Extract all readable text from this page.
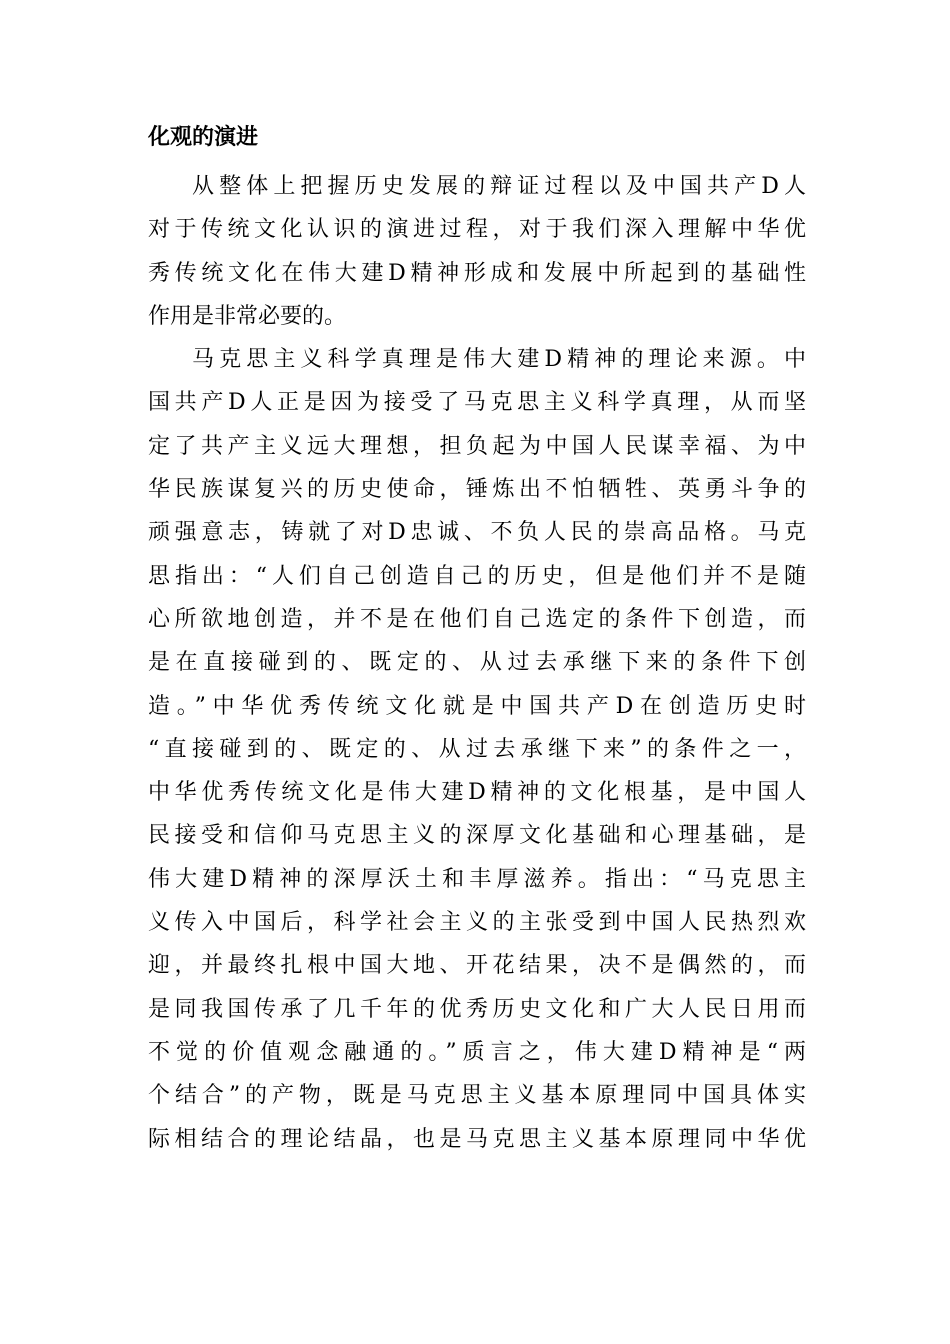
化观的演进

从整体上把握历史发展的辩证过程以及中国共产D人
对于传统文化认识的演进过程，对于我们深入理解中华优
秀传统文化在伟大建D精神形成和发展中所起到的基础性
作用是非常必要的。

马克思主义科学真理是伟大建D精神的理论来源。中
国共产D人正是因为接受了马克思主义科学真理，从而坚
定了共产主义远大理想，担负起为中国人民谋幸福、为中
华民族谋复兴的历史使命，锤炼出不怕牺牲、英勇斗争的
顽强意志，铸就了对D忠诚、不负人民的崇高品格。马克
思指出：“人们自己创造自己的历史，但是他们并不是随
心所欲地创造，并不是在他们自己选定的条件下创造，而
是在直接碰到的、既定的、从过去承继下来的条件下创
造。”中华优秀传统文化就是中国共产D在创造历史时
“直接碰到的、既定的、从过去承继下来”的条件之一，
中华优秀传统文化是伟大建D精神的文化根基，是中国人
民接受和信仰马克思主义的深厚文化基础和心理基础，是
伟大建D精神的深厚沃土和丰厚滋养。指出：“马克思主
义传入中国后，科学社会主义的主张受到中国人民热烈欢
迎，并最终扎根中国大地、开花结果，决不是偶然的，而
是同我国传承了几千年的优秀历史文化和广大人民日用而
不觉的价值观念融通的。”质言之，伟大建D精神是“两
个结合”的产物，既是马克思主义基本原理同中国具体实
际相结合的理论结晶，也是马克思主义基本原理同中华优
